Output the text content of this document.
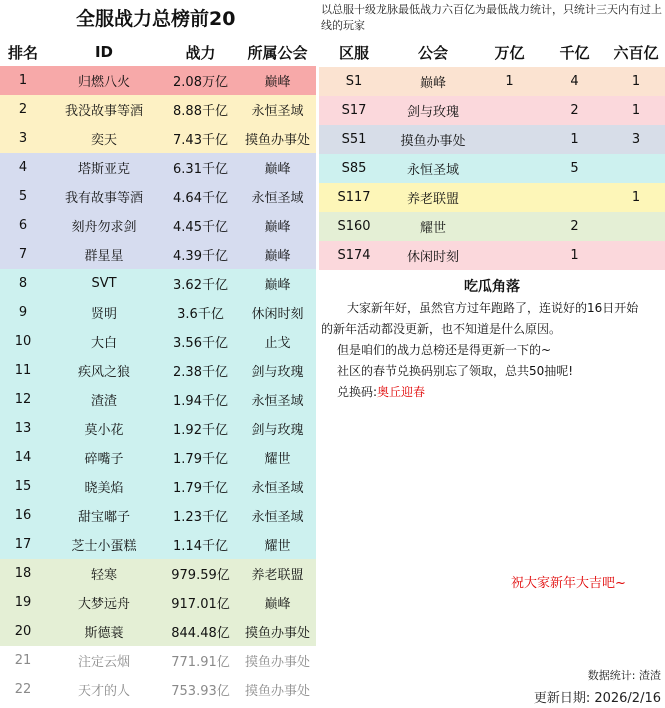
全服战力总榜前20
排名	ID	战力	所属公会
1	归燃八火	2.08万亿	巅峰
2	我没故事等酒	8.88千亿	永恒圣域
3	奕天	7.43千亿	摸鱼办事处
4	塔斯亚克	6.31千亿	巅峰
5	我有故事等酒	4.64千亿	永恒圣域
6	刻舟勿求剑	4.45千亿	巅峰
7	群星星	4.39千亿	巅峰
8	SVT	3.62千亿	巅峰
9	贤明	3.6千亿	休闲时刻
10	大白	3.56千亿	止戈
11	疾风之狼	2.38千亿	剑与玫瑰
12	渣渣	1.94千亿	永恒圣域
13	莫小花	1.92千亿	剑与玫瑰
14	碎嘴子	1.79千亿	耀世
15	晓美焰	1.79千亿	永恒圣域
16	甜宝嘟子	1.23千亿	永恒圣域
17	芝士小蛋糕	1.14千亿	耀世
18	轻寒	979.59亿	养老联盟
19	大梦远舟	917.01亿	巅峰
20	斯德蓑	844.48亿	摸鱼办事处
21	注定云烟	771.91亿	摸鱼办事处
22	天才的人	753.93亿	摸鱼办事处
以总服十级龙脉最低战力六百亿为最低战力统计，只统计三天内有过上线的玩家
区服	公会	万亿	千亿	六百亿
S1	巅峰	1	4	1
S17	剑与玫瑰		2	1
S51	摸鱼办事处		1	3
S85	永恒圣域		5	
S117	养老联盟			1
S160	耀世		2	
S174	休闲时刻		1	
吃瓜角落

大家新年好，虽然官方过年跑路了，连说好的16日开始

的新年活动都没更新，也不知道是什么原因。

但是咱们的战力总榜还是得更新一下的~

社区的春节兑换码别忘了领取，总共50抽呢!

兑换码:奥丘迎春

祝大家新年大吉吧~
数据统计: 渣渣
更新日期: 2026/2/16
